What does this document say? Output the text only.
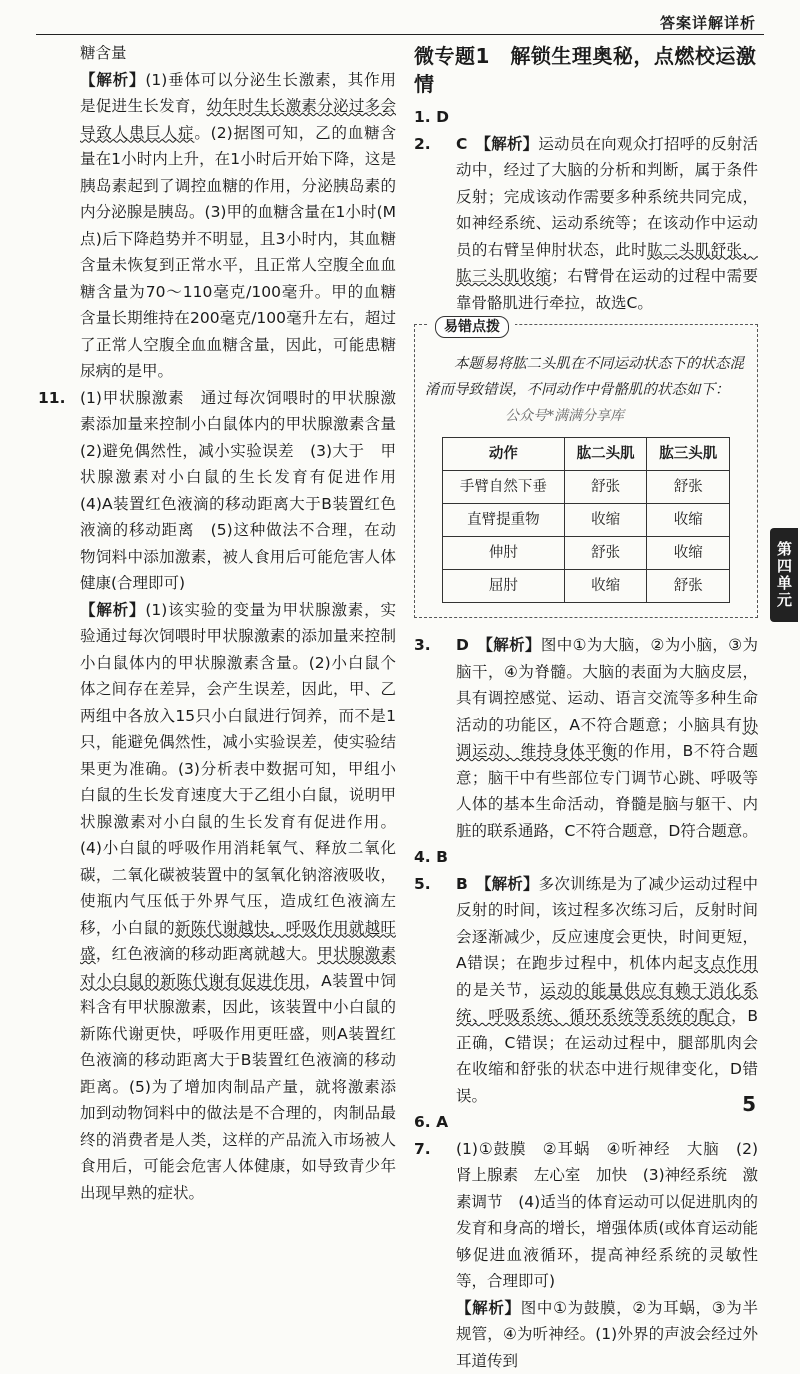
答案详解详析

糖含量

【解析】(1)垂体可以分泌生长激素，其作用是促进生长发育，幼年时生长激素分泌过多会导致人患巨人症。(2)据图可知，乙的血糖含量在1小时内上升，在1小时后开始下降，这是胰岛素起到了调控血糖的作用，分泌胰岛素的内分泌腺是胰岛。(3)甲的血糖含量在1小时(M点)后下降趋势并不明显，且3小时内，其血糖含量未恢复到正常水平，且正常人空腹全血血糖含量为70～110毫克/100毫升。甲的血糖含量长期维持在200毫克/100毫升左右，超过了正常人空腹全血血糖含量，因此，可能患糖尿病的是甲。

11. (1)甲状腺激素　通过每次饲喂时的甲状腺激素添加量来控制小白鼠体内的甲状腺激素含量　(2)避免偶然性，减小实验误差　(3)大于　甲状腺激素对小白鼠的生长发育有促进作用　(4)A装置红色液滴的移动距离大于B装置红色液滴的移动距离　(5)这种做法不合理，在动物饲料中添加激素，被人食用后可能危害人体健康(合理即可)

【解析】(1)该实验的变量为甲状腺激素，实验通过每次饲喂时甲状腺激素的添加量来控制小白鼠体内的甲状腺激素含量。(2)小白鼠个体之间存在差异，会产生误差，因此，甲、乙两组中各放入15只小白鼠进行饲养，而不是1只，能避免偶然性，减小实验误差，使实验结果更为准确。(3)分析表中数据可知，甲组小白鼠的生长发育速度大于乙组小白鼠，说明甲状腺激素对小白鼠的生长发育有促进作用。(4)小白鼠的呼吸作用消耗氧气、释放二氧化碳，二氧化碳被装置中的氢氧化钠溶液吸收，使瓶内气压低于外界气压，造成红色液滴左移，小白鼠的新陈代谢越快，呼吸作用就越旺盛，红色液滴的移动距离就越大。甲状腺激素对小白鼠的新陈代谢有促进作用，A装置中饲料含有甲状腺激素，因此，该装置中小白鼠的新陈代谢更快，呼吸作用更旺盛，则A装置红色液滴的移动距离大于B装置红色液滴的移动距离。(5)为了增加肉制品产量，就将激素添加到动物饲料中的做法是不合理的，肉制品最终的消费者是人类，这样的产品流入市场被人食用后，可能会危害人体健康，如导致青少年出现早熟的症状。

微专题1　解锁生理奥秘，点燃校运激情

1. D

2. C　 【解析】运动员在向观众打招呼的反射活动中，经过了大脑的分析和判断，属于条件反射；完成该动作需要多种系统共同完成，如神经系统、运动系统等；在该动作中运动员的右臂呈伸肘状态，此时肱二头肌舒张，肱三头肌收缩；右臂骨在运动的过程中需要靠骨骼肌进行牵拉，故选C。

易错点拨

　　本题易将肱二头肌在不同运动状态下的状态混淆而导致错误，不同动作中骨骼肌的状态如下：公众号*满满分享库

动作	肱二头肌	肱三头肌
手臂自然下垂	舒张	舒张
直臂提重物	收缩	收缩
伸肘	舒张	收缩
屈肘	收缩	舒张

3. D　 【解析】图中①为大脑，②为小脑，③为脑干，④为脊髓。大脑的表面为大脑皮层，具有调控感觉、运动、语言交流等多种生命活动的功能区，A不符合题意；小脑具有协调运动、维持身体平衡的作用，B不符合题意；脑干中有些部位专门调节心跳、呼吸等人体的基本生命活动，脊髓是脑与躯干、内脏的联系通路，C不符合题意，D符合题意。

4. B

5. B　 【解析】多次训练是为了减少运动过程中反射的时间，该过程多次练习后，反射时间会逐渐减少，反应速度会更快，时间更短，A错误；在跑步过程中，机体内起支点作用的是关节，运动的能量供应有赖于消化系统、呼吸系统、循环系统等系统的配合，B正确，C错误；在运动过程中，腿部肌肉会在收缩和舒张的状态中进行规律变化，D错误。

6. A

7. (1)①鼓膜　②耳蜗　④听神经　大脑　(2)肾上腺素　左心室　加快　(3)神经系统　激素调节　(4)适当的体育运动可以促进肌肉的发育和身高的增长，增强体质(或体育运动能够促进血液循环，提高神经系统的灵敏性等，合理即可)

【解析】图中①为鼓膜，②为耳蜗，③为半规管，④为听神经。(1)外界的声波会经过外耳道传到

第四单元
5
